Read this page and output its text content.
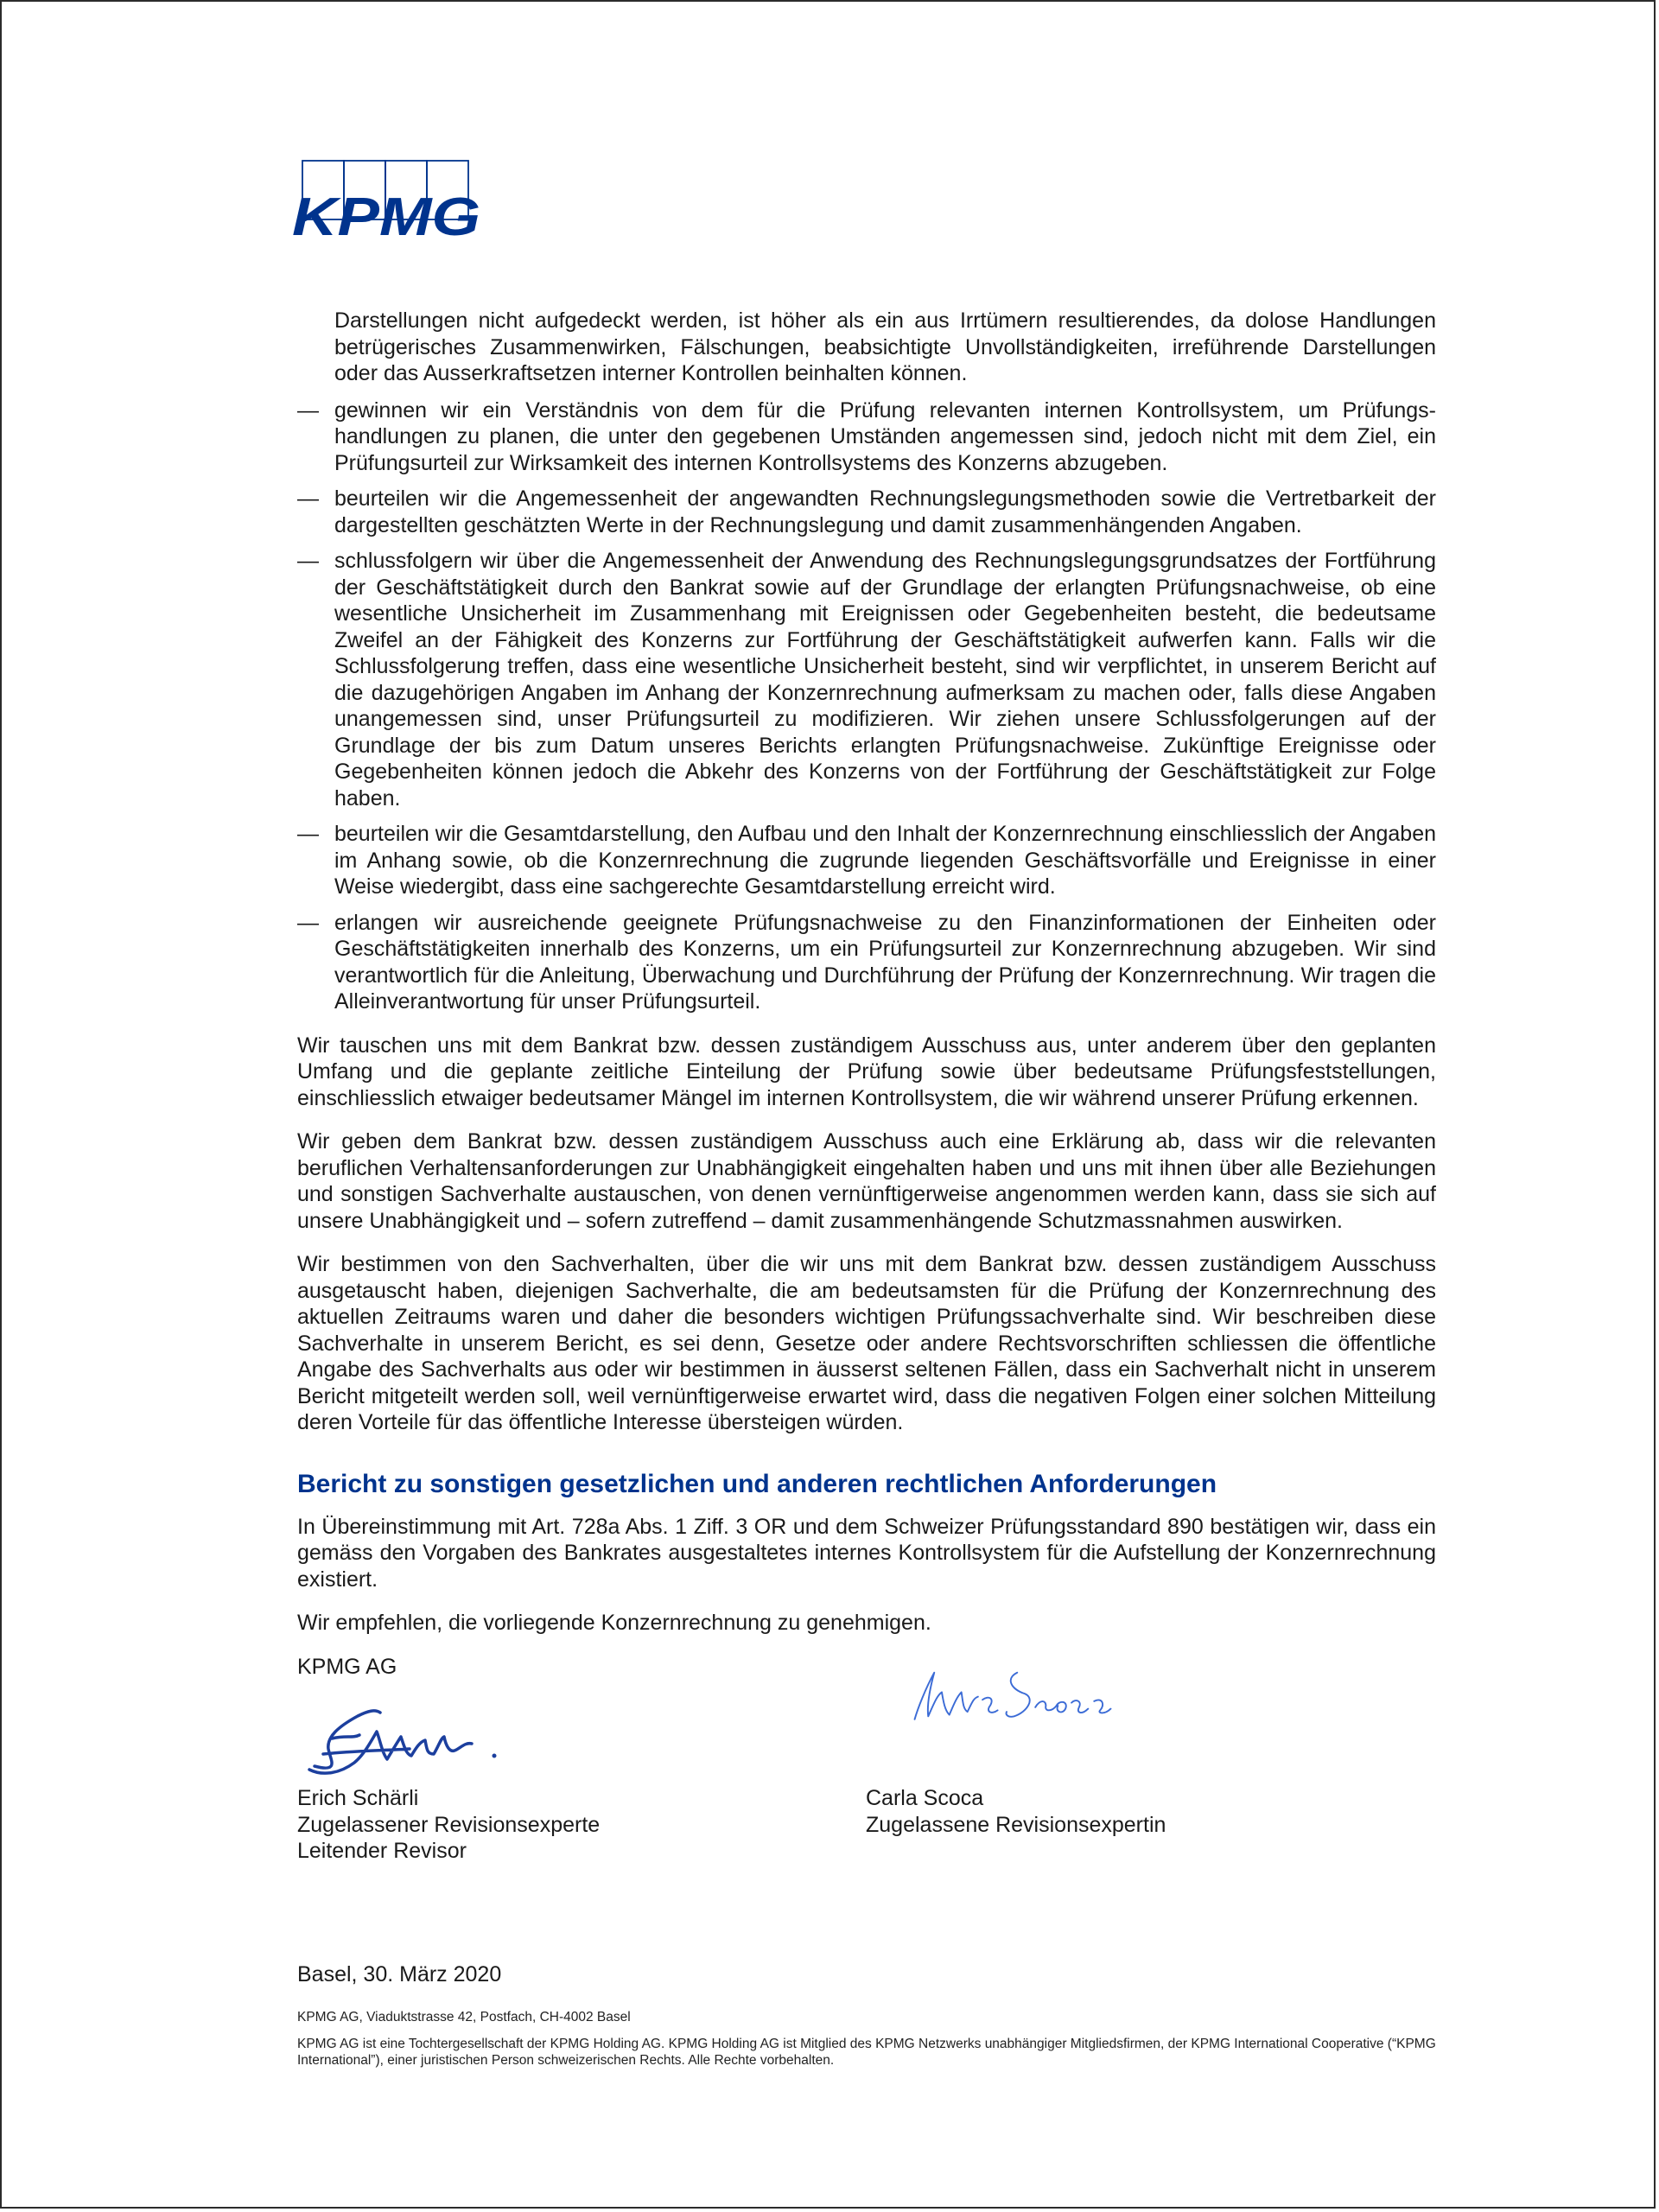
KPMG

Darstellungen nicht aufgedeckt werden, ist höher als ein aus Irrtümern resultierendes, da dolose Handlungen betrügerisches Zusammenwirken, Fälschungen, beabsichtigte Unvollständigkeiten, irreführende Darstellungen oder das Ausserkraftsetzen interner Kontrollen beinhalten können.

— gewinnen wir ein Verständnis von dem für die Prüfung relevanten internen Kontrollsystem, um Prüfungshandlungen zu planen, die unter den gegebenen Umständen angemessen sind, jedoch nicht mit dem Ziel, ein Prüfungsurteil zur Wirksamkeit des internen Kontrollsystems des Konzerns abzugeben.
— beurteilen wir die Angemessenheit der angewandten Rechnungslegungsmethoden sowie die Vertretbarkeit der dargestellten geschätzten Werte in der Rechnungslegung und damit zusammenhängenden Angaben.
— schlussfolgern wir über die Angemessenheit der Anwendung des Rechnungslegungsgrundsatzes der Fortführung der Geschäftstätigkeit durch den Bankrat sowie auf der Grundlage der erlangten Prüfungsnachweise, ob eine wesentliche Unsicherheit im Zusammenhang mit Ereignissen oder Gegebenheiten besteht, die bedeutsame Zweifel an der Fähigkeit des Konzerns zur Fortführung der Geschäftstätigkeit aufwerfen kann. Falls wir die Schlussfolgerung treffen, dass eine wesentliche Unsicherheit besteht, sind wir verpflichtet, in unserem Bericht auf die dazugehörigen Angaben im Anhang der Konzernrechnung aufmerksam zu machen oder, falls diese Angaben unangemessen sind, unser Prüfungsurteil zu modifizieren. Wir ziehen unsere Schlussfolgerungen auf der Grundlage der bis zum Datum unseres Berichts erlangten Prüfungsnachweise. Zukünftige Ereignisse oder Gegebenheiten können jedoch die Abkehr des Konzerns von der Fortführung der Geschäftstätigkeit zur Folge haben.
— beurteilen wir die Gesamtdarstellung, den Aufbau und den Inhalt der Konzernrechnung einschliesslich der Angaben im Anhang sowie, ob die Konzernrechnung die zugrunde liegenden Geschäftsvorfälle und Ereignisse in einer Weise wiedergibt, dass eine sachgerechte Gesamtdarstellung erreicht wird.
— erlangen wir ausreichende geeignete Prüfungsnachweise zu den Finanzinformationen der Einheiten oder Geschäftstätigkeiten innerhalb des Konzerns, um ein Prüfungsurteil zur Konzernrechnung abzugeben. Wir sind verantwortlich für die Anleitung, Überwachung und Durchführung der Prüfung der Konzernrechnung. Wir tragen die Alleinverantwortung für unser Prüfungsurteil.

Wir tauschen uns mit dem Bankrat bzw. dessen zuständigem Ausschuss aus, unter anderem über den geplanten Umfang und die geplante zeitliche Einteilung der Prüfung sowie über bedeutsame Prüfungsfeststellungen, einschliesslich etwaiger bedeutsamer Mängel im internen Kontrollsystem, die wir während unserer Prüfung erkennen.

Wir geben dem Bankrat bzw. dessen zuständigem Ausschuss auch eine Erklärung ab, dass wir die relevanten beruflichen Verhaltensanforderungen zur Unabhängigkeit eingehalten haben und uns mit ihnen über alle Beziehungen und sonstigen Sachverhalte austauschen, von denen vernünftigerweise angenommen werden kann, dass sie sich auf unsere Unabhängigkeit und – sofern zutreffend – damit zusammenhängende Schutzmassnahmen auswirken.

Wir bestimmen von den Sachverhalten, über die wir uns mit dem Bankrat bzw. dessen zuständigem Ausschuss ausgetauscht haben, diejenigen Sachverhalte, die am bedeutsamsten für die Prüfung der Konzernrechnung des aktuellen Zeitraums waren und daher die besonders wichtigen Prüfungssachverhalte sind. Wir beschreiben diese Sachverhalte in unserem Bericht, es sei denn, Gesetze oder andere Rechtsvorschriften schliessen die öffentliche Angabe des Sachverhalts aus oder wir bestimmen in äusserst seltenen Fällen, dass ein Sachverhalt nicht in unserem Bericht mitgeteilt werden soll, weil vernünftigerweise erwartet wird, dass die negativen Folgen einer solchen Mitteilung deren Vorteile für das öffentliche Interesse übersteigen würden.

Bericht zu sonstigen gesetzlichen und anderen rechtlichen Anforderungen

In Übereinstimmung mit Art. 728a Abs. 1 Ziff. 3 OR und dem Schweizer Prüfungsstandard 890 bestätigen wir, dass ein gemäss den Vorgaben des Bankrates ausgestaltetes internes Kontrollsystem für die Aufstellung der Konzernrechnung existiert.

Wir empfehlen, die vorliegende Konzernrechnung zu genehmigen.

KPMG AG

Erich Schärli
Zugelassener Revisionsexperte
Leitender Revisor
Carla Scoca
Zugelassene Revisionsexpertin

Basel, 30. März 2020

KPMG AG, Viaduktstrasse 42, Postfach, CH-4002 Basel

KPMG AG ist eine Tochtergesellschaft der KPMG Holding AG. KPMG Holding AG ist Mitglied des KPMG Netzwerks unabhängiger Mitgliedsfirmen, der KPMG International Cooperative (“KPMG International”), einer juristischen Person schweizerischen Rechts. Alle Rechte vorbehalten.
